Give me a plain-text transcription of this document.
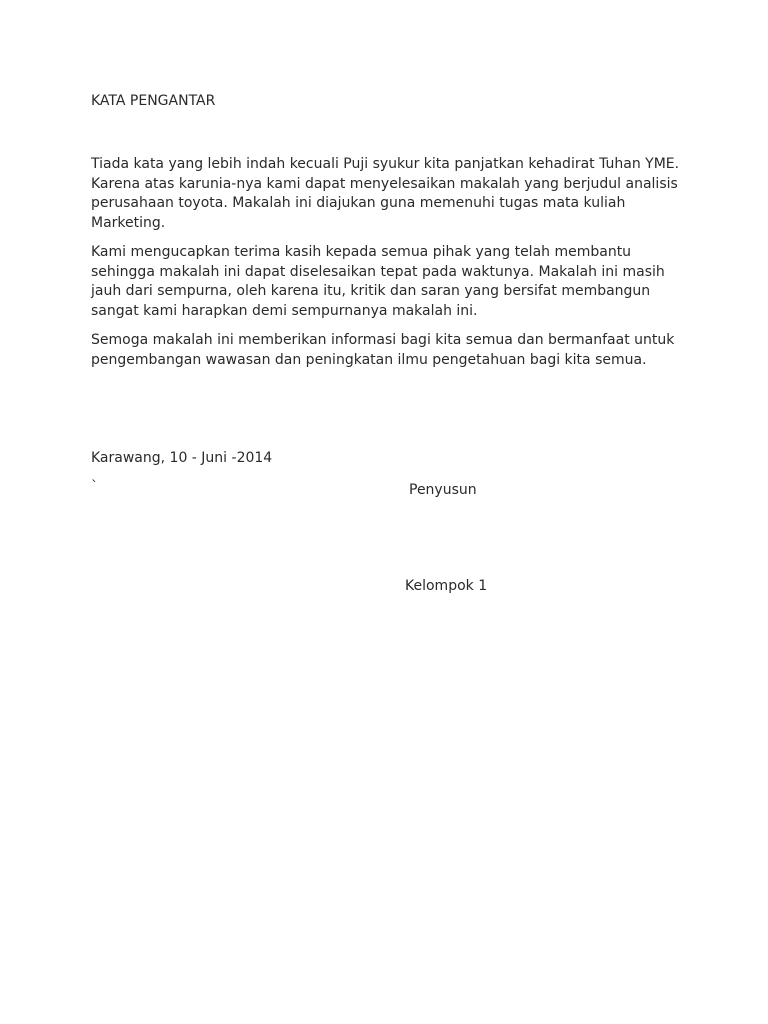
KATA PENGANTAR

Tiada kata yang lebih indah kecuali Puji syukur kita panjatkan kehadirat Tuhan YME. Karena atas karunia-nya kami dapat menyelesaikan makalah yang berjudul analisis perusahaan toyota. Makalah ini diajukan guna memenuhi tugas mata kuliah Marketing.

Kami mengucapkan terima kasih kepada semua pihak yang telah membantu sehingga makalah ini dapat diselesaikan tepat pada waktunya. Makalah ini masih jauh dari sempurna, oleh karena itu, kritik dan saran yang bersifat membangun sangat kami harapkan demi sempurnanya makalah ini.

Semoga makalah ini memberikan informasi bagi kita semua dan bermanfaat untuk pengembangan wawasan dan peningkatan ilmu pengetahuan bagi kita semua.

Karawang, 10 - Juni -2014
`	Penyusun
Kelompok 1
